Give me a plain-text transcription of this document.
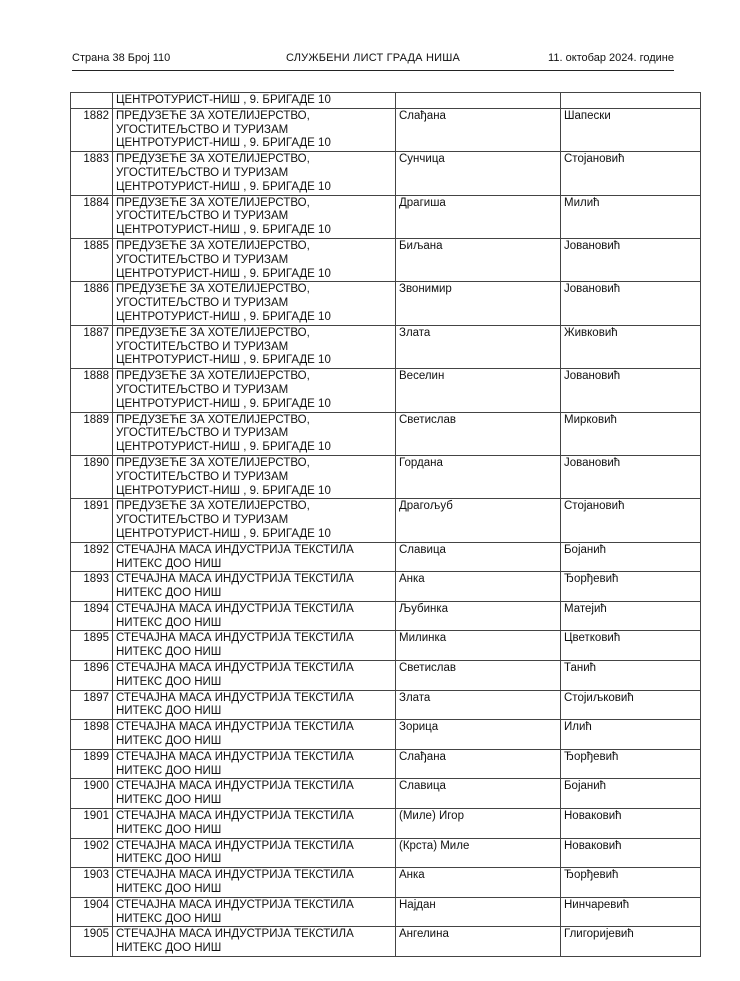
Страна 38 Број 110	СЛУЖБЕНИ ЛИСТ ГРАДА НИША	11. октобар 2024. године

	ЦЕНТРОТУРИСТ-НИШ , 9. БРИГАДЕ 10		

1882	ПРЕДУЗЕЋЕ ЗА ХОТЕЛИЈЕРСТВО,
УГОСТИТЕЉСТВО И ТУРИЗАМ
ЦЕНТРОТУРИСТ-НИШ , 9. БРИГАДЕ 10	Слађана	Шапески
1883	ПРЕДУЗЕЋЕ ЗА ХОТЕЛИЈЕРСТВО,
УГОСТИТЕЉСТВО И ТУРИЗАМ
ЦЕНТРОТУРИСТ-НИШ , 9. БРИГАДЕ 10	Сунчица	Стојановић
1884	ПРЕДУЗЕЋЕ ЗА ХОТЕЛИЈЕРСТВО,
УГОСТИТЕЉСТВО И ТУРИЗАМ
ЦЕНТРОТУРИСТ-НИШ , 9. БРИГАДЕ 10	Драгиша	Милић
1885	ПРЕДУЗЕЋЕ ЗА ХОТЕЛИЈЕРСТВО,
УГОСТИТЕЉСТВО И ТУРИЗАМ
ЦЕНТРОТУРИСТ-НИШ , 9. БРИГАДЕ 10	Биљана	Јовановић
1886	ПРЕДУЗЕЋЕ ЗА ХОТЕЛИЈЕРСТВО,
УГОСТИТЕЉСТВО И ТУРИЗАМ
ЦЕНТРОТУРИСТ-НИШ , 9. БРИГАДЕ 10	Звонимир	Јовановић
1887	ПРЕДУЗЕЋЕ ЗА ХОТЕЛИЈЕРСТВО,
УГОСТИТЕЉСТВО И ТУРИЗАМ
ЦЕНТРОТУРИСТ-НИШ , 9. БРИГАДЕ 10	Злата	Живковић
1888	ПРЕДУЗЕЋЕ ЗА ХОТЕЛИЈЕРСТВО,
УГОСТИТЕЉСТВО И ТУРИЗАМ
ЦЕНТРОТУРИСТ-НИШ , 9. БРИГАДЕ 10	Веселин	Јовановић
1889	ПРЕДУЗЕЋЕ ЗА ХОТЕЛИЈЕРСТВО,
УГОСТИТЕЉСТВО И ТУРИЗАМ
ЦЕНТРОТУРИСТ-НИШ , 9. БРИГАДЕ 10	Светислав	Мирковић
1890	ПРЕДУЗЕЋЕ ЗА ХОТЕЛИЈЕРСТВО,
УГОСТИТЕЉСТВО И ТУРИЗАМ
ЦЕНТРОТУРИСТ-НИШ , 9. БРИГАДЕ 10	Гордана	Јовановић
1891	ПРЕДУЗЕЋЕ ЗА ХОТЕЛИЈЕРСТВО,
УГОСТИТЕЉСТВО И ТУРИЗАМ
ЦЕНТРОТУРИСТ-НИШ , 9. БРИГАДЕ 10	Драгољуб	Стојановић
1892	СТЕЧАЈНА МАСА ИНДУСТРИЈА ТЕКСТИЛА
НИТЕКС ДОО НИШ	Славица	Бојанић
1893	СТЕЧАЈНА МАСА ИНДУСТРИЈА ТЕКСТИЛА
НИТЕКС ДОО НИШ	Анка	Ђорђевић
1894	СТЕЧАЈНА МАСА ИНДУСТРИЈА ТЕКСТИЛА
НИТЕКС ДОО НИШ	Љубинка	Матејић
1895	СТЕЧАЈНА МАСА ИНДУСТРИЈА ТЕКСТИЛА
НИТЕКС ДОО НИШ	Милинка	Цветковић
1896	СТЕЧАЈНА МАСА ИНДУСТРИЈА ТЕКСТИЛА
НИТЕКС ДОО НИШ	Светислав	Танић
1897	СТЕЧАЈНА МАСА ИНДУСТРИЈА ТЕКСТИЛА
НИТЕКС ДОО НИШ	Злата	Стојиљковић
1898	СТЕЧАЈНА МАСА ИНДУСТРИЈА ТЕКСТИЛА
НИТЕКС ДОО НИШ	Зорица	Илић
1899	СТЕЧАЈНА МАСА ИНДУСТРИЈА ТЕКСТИЛА
НИТЕКС ДОО НИШ	Слађана	Ђорђевић
1900	СТЕЧАЈНА МАСА ИНДУСТРИЈА ТЕКСТИЛА
НИТЕКС ДОО НИШ	Славица	Бојанић
1901	СТЕЧАЈНА МАСА ИНДУСТРИЈА ТЕКСТИЛА
НИТЕКС ДОО НИШ	(Миле) Игор	Новаковић
1902	СТЕЧАЈНА МАСА ИНДУСТРИЈА ТЕКСТИЛА
НИТЕКС ДОО НИШ	(Крста) Миле	Новаковић
1903	СТЕЧАЈНА МАСА ИНДУСТРИЈА ТЕКСТИЛА
НИТЕКС ДОО НИШ	Анка	Ђорђевић
1904	СТЕЧАЈНА МАСА ИНДУСТРИЈА ТЕКСТИЛА
НИТЕКС ДОО НИШ	Најдан	Нинчаревић
1905	СТЕЧАЈНА МАСА ИНДУСТРИЈА ТЕКСТИЛА
НИТЕКС ДОО НИШ	Ангелина	Глигоријевић
